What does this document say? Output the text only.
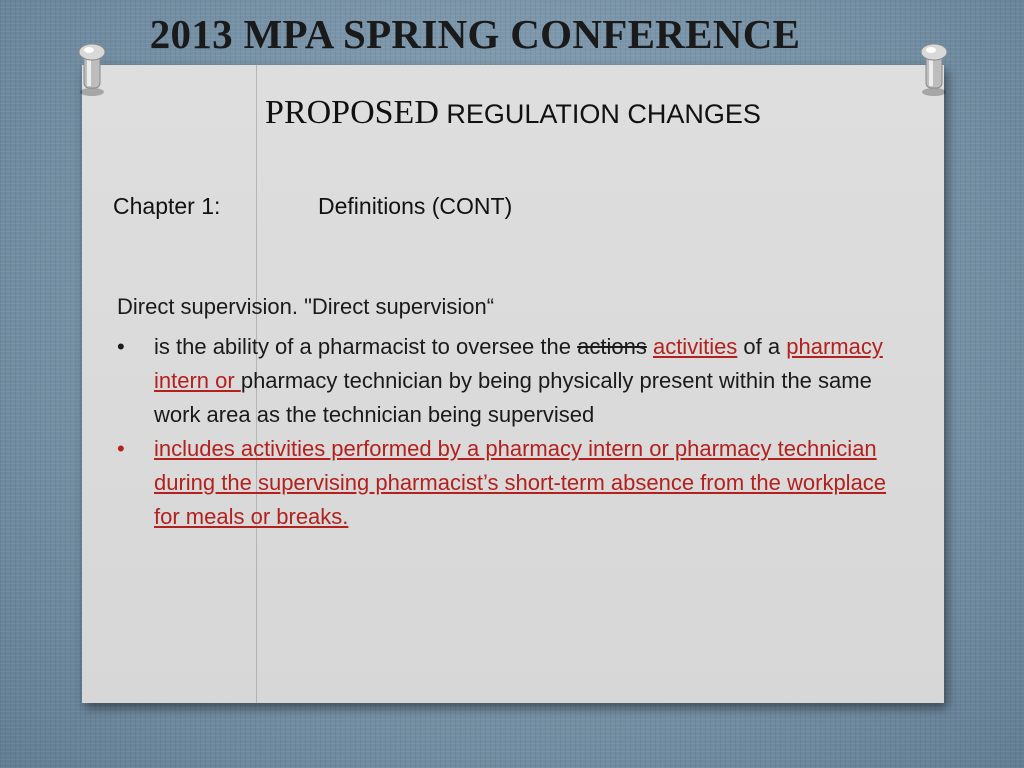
2013 MPA SPRING CONFERENCE
PROPOSED REGULATION CHANGES
Chapter 1:	Definitions (CONT)

Direct supervision. "Direct supervision“

• is the ability of a pharmacist to oversee the actions activities of a pharmacy intern or pharmacy technician by being physically present within the same work area as the technician being supervised
• includes activities performed by a pharmacy intern or pharmacy technician during the supervising pharmacist’s short-term absence from the workplace for meals or breaks.
